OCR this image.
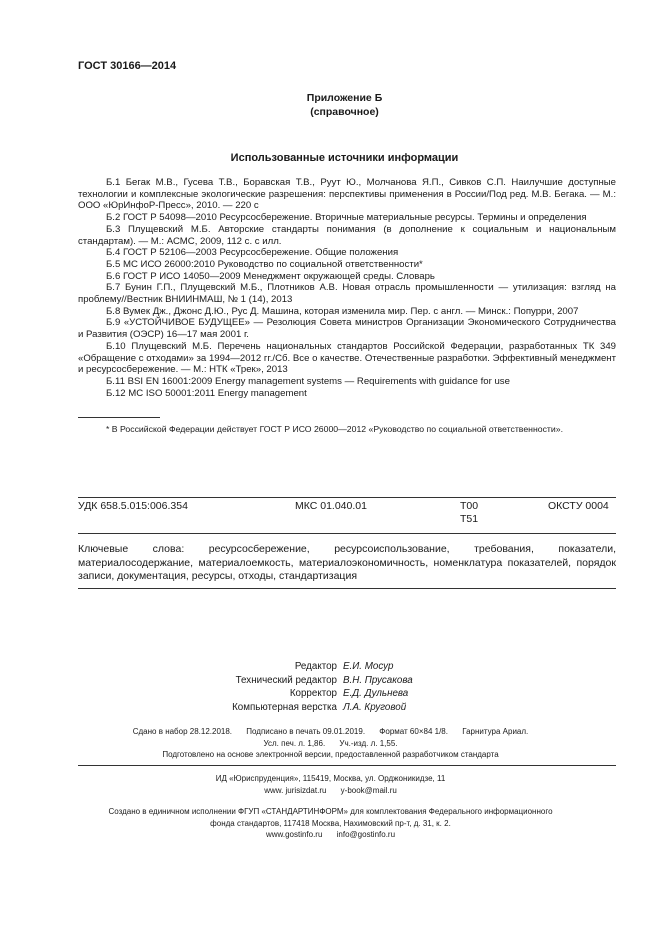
ГОСТ 30166—2014
Приложение Б
(справочное)
Использованные источники информации
Б.1 Бегак М.В., Гусева Т.В., Боравская Т.В., Руут Ю., Молчанова Я.П., Сивков С.П. Наилучшие доступные технологии и комплексные экологические разрешения: перспективы применения в России/Под ред. М.В. Бегака. — М.: ООО «ЮрИнфоР-Пресс», 2010. — 220 с
Б.2 ГОСТ Р 54098—2010 Ресурсосбережение. Вторичные материальные ресурсы. Термины и определения
Б.3 Плущевский М.Б. Авторские стандарты понимания (в дополнение к социальным и национальным стандартам). — М.: АСМС, 2009, 112 с. с илл.
Б.4 ГОСТ Р 52106—2003 Ресурсосбережение. Общие положения
Б.5 МС ИСО 26000:2010 Руководство по социальной ответственности*
Б.6 ГОСТ Р ИСО 14050—2009 Менеджмент окружающей среды. Словарь
Б.7 Бунин Г.П., Плущевский М.Б., Плотников А.В. Новая отрасль промышленности — утилизация: взгляд на проблему//Вестник ВНИИНМАШ, № 1 (14), 2013
Б.8 Вумек Дж., Джонс Д.Ю., Рус Д. Машина, которая изменила мир. Пер. с англ. — Минск.: Попурри, 2007
Б.9 «УСТОЙЧИВОЕ БУДУЩЕЕ» — Резолюция Совета министров Организации Экономического Сотрудничества и Развития (ОЭСР) 16—17 мая 2001 г.
Б.10 Плущевский М.Б. Перечень национальных стандартов Российской Федерации, разработанных ТК 349 «Обращение с отходами» за 1994—2012 гг./Сб. Все о качестве. Отечественные разработки. Эффективный менеджмент и ресурсосбережение. — М.: НТК «Трек», 2013
Б.11 BSI EN 16001:2009 Energy management systems — Requirements with guidance for use
Б.12 МС ISO 50001:2011 Energy management
* В Российской Федерации действует ГОСТ Р ИСО 26000—2012 «Руководство по социальной ответственности».
УДК 658.5.015:006.354	МКС 01.040.01	Т00
Т51
ОКСТУ 0004
Ключевые слова: ресурсосбережение, ресурсоиспользование, требования, показатели, материалосодержание, материалоемкость, материалоэкономичность, номенклатура показателей, порядок записи, документация, ресурсы, отходы, стандартизация
Редактор Е.И. Мосур
Технический редактор В.Н. Прусакова
Корректор Е.Д. Дульнева
Компьютерная верстка Л.А. Круговой
Сдано в набор 28.12.2018. Подписано в печать 09.01.2019. Формат 60×84 1/8. Гарнитура Ариал.
Усл. печ. л. 1,86. Уч.-изд. л. 1,55.
Подготовлено на основе электронной версии, предоставленной разработчиком стандарта
ИД «Юриспруденция», 115419, Москва, ул. Орджоникидзе, 11
www. jurisizdat.ru y-book@mail.ru
Создано в единичном исполнении ФГУП «СТАНДАРТИНФОРМ» для комплектования Федерального информационного
фонда стандартов, 117418 Москва, Нахимовский пр-т, д. 31, к. 2.
www.gostinfo.ru info@gostinfo.ru
